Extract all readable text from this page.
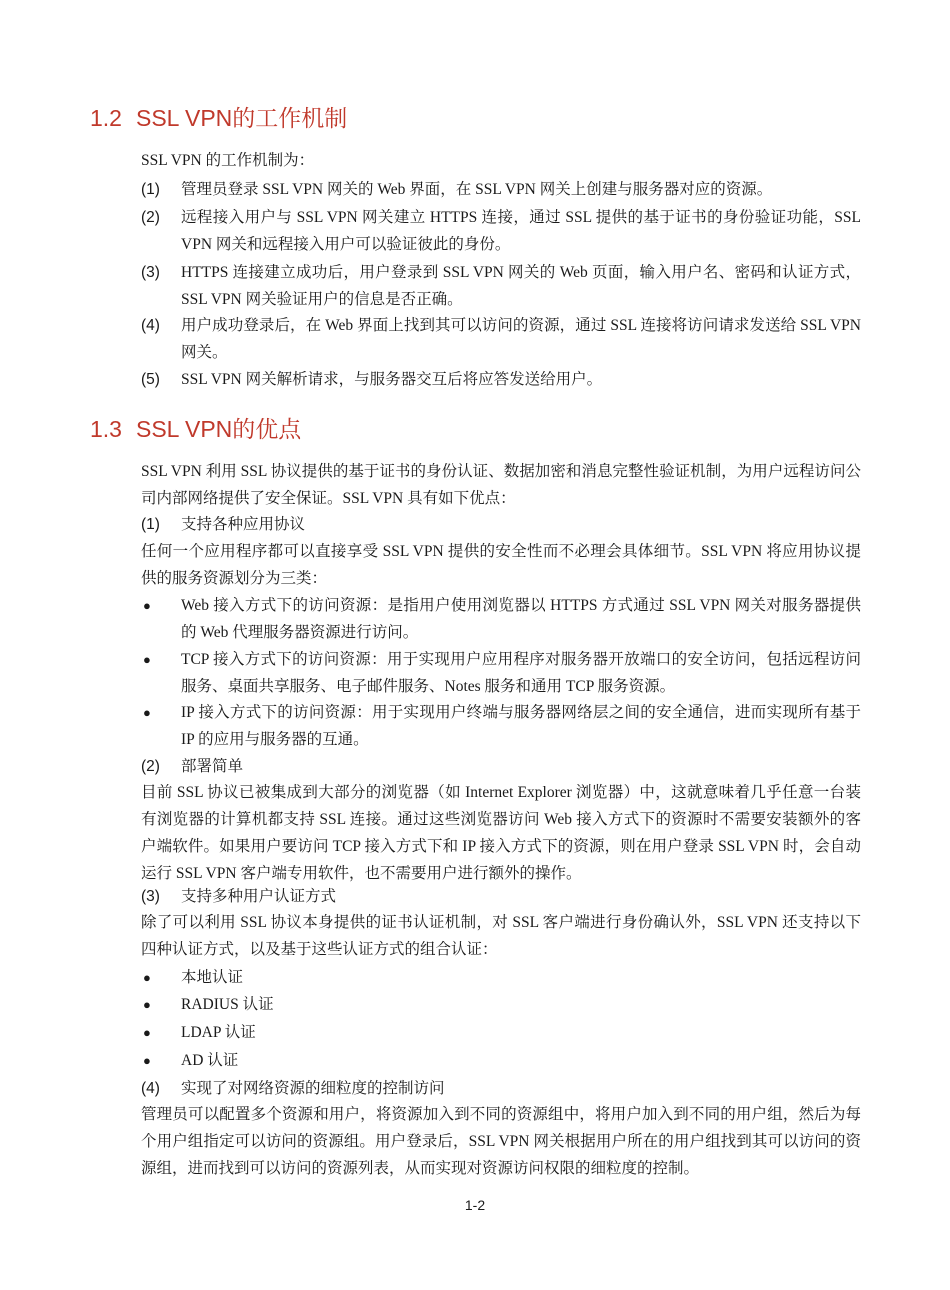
1.2 SSL VPN的工作机制

SSL VPN 的工作机制为：

(1) 管理员登录 SSL VPN 网关的 Web 界面，在 SSL VPN 网关上创建与服务器对应的资源。
(2) 远程接入用户与 SSL VPN 网关建立 HTTPS 连接，通过 SSL 提供的基于证书的身份验证功能，SSL VPN 网关和远程接入用户可以验证彼此的身份。
(3) HTTPS 连接建立成功后，用户登录到 SSL VPN 网关的 Web 页面，输入用户名、密码和认证方式，SSL VPN 网关验证用户的信息是否正确。
(4) 用户成功登录后，在 Web 界面上找到其可以访问的资源，通过 SSL 连接将访问请求发送给 SSL VPN 网关。
(5) SSL VPN 网关解析请求，与服务器交互后将应答发送给用户。
1.3 SSL VPN的优点

SSL VPN 利用 SSL 协议提供的基于证书的身份认证、数据加密和消息完整性验证机制，为用户远程访问公司内部网络提供了安全保证。SSL VPN 具有如下优点：

(1) 支持各种应用协议

任何一个应用程序都可以直接享受 SSL VPN 提供的安全性而不必理会具体细节。SSL VPN 将应用协议提供的服务资源划分为三类：

● Web 接入方式下的访问资源：是指用户使用浏览器以 HTTPS 方式通过 SSL VPN 网关对服务器提供的 Web 代理服务器资源进行访问。
● TCP 接入方式下的访问资源：用于实现用户应用程序对服务器开放端口的安全访问，包括远程访问服务、桌面共享服务、电子邮件服务、Notes 服务和通用 TCP 服务资源。
● IP 接入方式下的访问资源：用于实现用户终端与服务器网络层之间的安全通信，进而实现所有基于 IP 的应用与服务器的互通。
(2) 部署简单

目前 SSL 协议已被集成到大部分的浏览器（如 Internet Explorer 浏览器）中，这就意味着几乎任意一台装有浏览器的计算机都支持 SSL 连接。通过这些浏览器访问 Web 接入方式下的资源时不需要安装额外的客户端软件。如果用户要访问 TCP 接入方式下和 IP 接入方式下的资源，则在用户登录 SSL VPN 时，会自动运行 SSL VPN 客户端专用软件，也不需要用户进行额外的操作。

(3) 支持多种用户认证方式

除了可以利用 SSL 协议本身提供的证书认证机制，对 SSL 客户端进行身份确认外，SSL VPN 还支持以下四种认证方式，以及基于这些认证方式的组合认证：

● 本地认证
● RADIUS 认证
● LDAP 认证
● AD 认证
(4) 实现了对网络资源的细粒度的控制访问

管理员可以配置多个资源和用户，将资源加入到不同的资源组中，将用户加入到不同的用户组，然后为每个用户组指定可以访问的资源组。用户登录后，SSL VPN 网关根据用户所在的用户组找到其可以访问的资源组，进而找到可以访问的资源列表，从而实现对资源访问权限的细粒度的控制。

1-2
